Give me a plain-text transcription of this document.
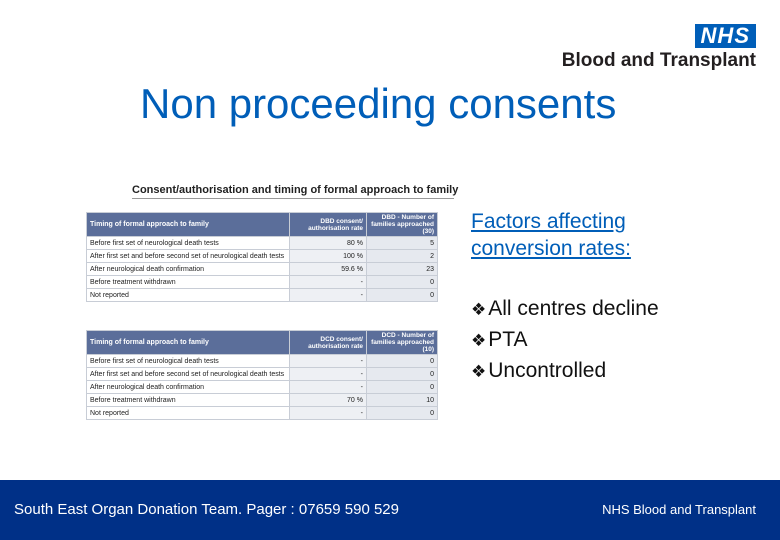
NHS
Blood and Transplant
Non proceeding consents
Consent/authorisation and timing of formal approach to family
Timing of formal approach to family	DBD consent/ authorisation rate	DBD - Number of families approached (30)
Before first set of neurological death tests	80 %	5
After first set and before second set of neurological death tests	100 %	2
After neurological death confirmation	59.6 %	23
Before treatment withdrawn	-	0
Not reported	-	0
Timing of formal approach to family	DCD consent/ authorisation rate	DCD - Number of families approached (10)
Before first set of neurological death tests	-	0
After first set and before second set of neurological death tests	-	0
After neurological death confirmation	-	0
Before treatment withdrawn	70 %	10
Not reported	-	0
Factors affecting conversion rates:
❖ All centres decline
❖ PTA
❖ Uncontrolled
South East Organ Donation Team. Pager : 07659 590 529	NHS Blood and Transplant
